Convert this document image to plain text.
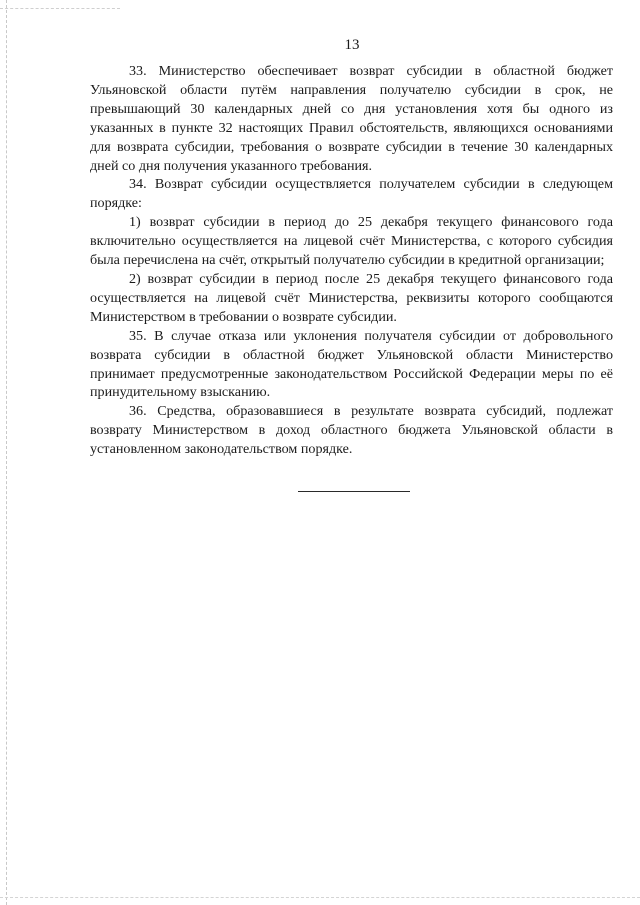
13

33. Министерство обеспечивает возврат субсидии в областной бюджет Ульяновской области путём направления получателю субсидии в срок, не превышающий 30 календарных дней со дня установления хотя бы одного из указанных в пункте 32 настоящих Правил обстоятельств, являющихся основаниями для возврата субсидии, требования о возврате субсидии в течение 30 календарных дней со дня получения указанного требования.

34. Возврат субсидии осуществляется получателем субсидии в следующем порядке:

1) возврат субсидии в период до 25 декабря текущего финансового года включительно осуществляется на лицевой счёт Министерства, с которого субсидия была перечислена на счёт, открытый получателю субсидии в кредитной организации;

2) возврат субсидии в период после 25 декабря текущего финансового года осуществляется на лицевой счёт Министерства, реквизиты которого сообщаются Министерством в требовании о возврате субсидии.

35. В случае отказа или уклонения получателя субсидии от добровольного возврата субсидии в областной бюджет Ульяновской области Министерство принимает предусмотренные законодательством Российской Федерации меры по её принудительному взысканию.

36. Средства, образовавшиеся в результате возврата субсидий, подлежат возврату Министерством в доход областного бюджета Ульяновской области в установленном законодательством порядке.
